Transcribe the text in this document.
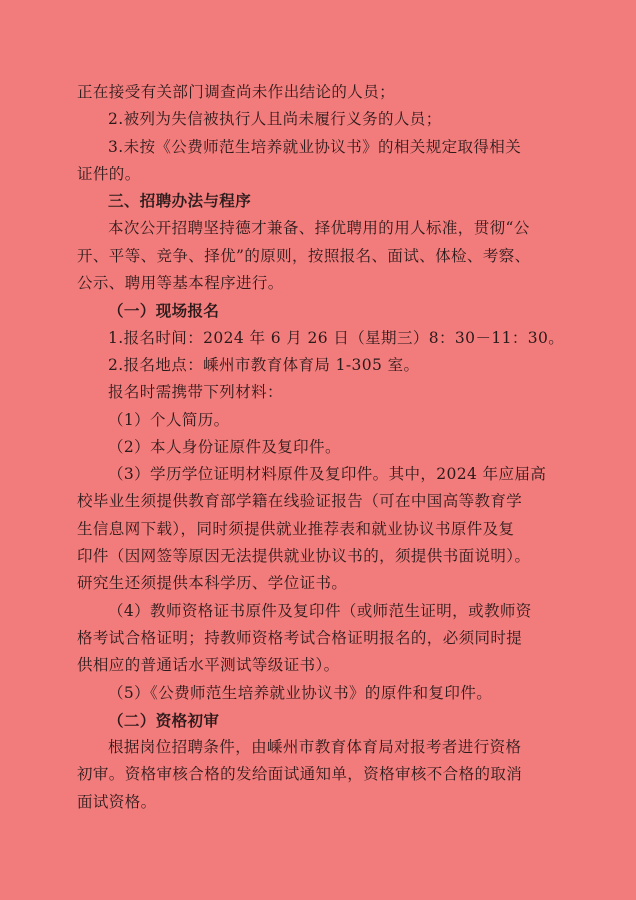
正在接受有关部门调查尚未作出结论的人员；
2.被列为失信被执行人且尚未履行义务的人员；
3.未按《公费师范生培养就业协议书》的相关规定取得相关
证件的。
三、招聘办法与程序
本次公开招聘坚持德才兼备、择优聘用的用人标准，贯彻“公
开、平等、竞争、择优”的原则，按照报名、面试、体检、考察、
公示、聘用等基本程序进行。
（一）现场报名
1.报名时间：2024 年 6 月 26 日（星期三）8：30－11：30。
2.报名地点：嵊州市教育体育局 1-305 室。
报名时需携带下列材料：
（1）个人简历。
（2）本人身份证原件及复印件。
（3）学历学位证明材料原件及复印件。其中，2024 年应届高
校毕业生须提供教育部学籍在线验证报告（可在中国高等教育学
生信息网下载），同时须提供就业推荐表和就业协议书原件及复
印件（因网签等原因无法提供就业协议书的，须提供书面说明）。
研究生还须提供本科学历、学位证书。
（4）教师资格证书原件及复印件（或师范生证明，或教师资
格考试合格证明；持教师资格考试合格证明报名的，必须同时提
供相应的普通话水平测试等级证书）。
（5）《公费师范生培养就业协议书》的原件和复印件。
（二）资格初审
根据岗位招聘条件，由嵊州市教育体育局对报考者进行资格
初审。资格审核合格的发给面试通知单，资格审核不合格的取消
面试资格。
